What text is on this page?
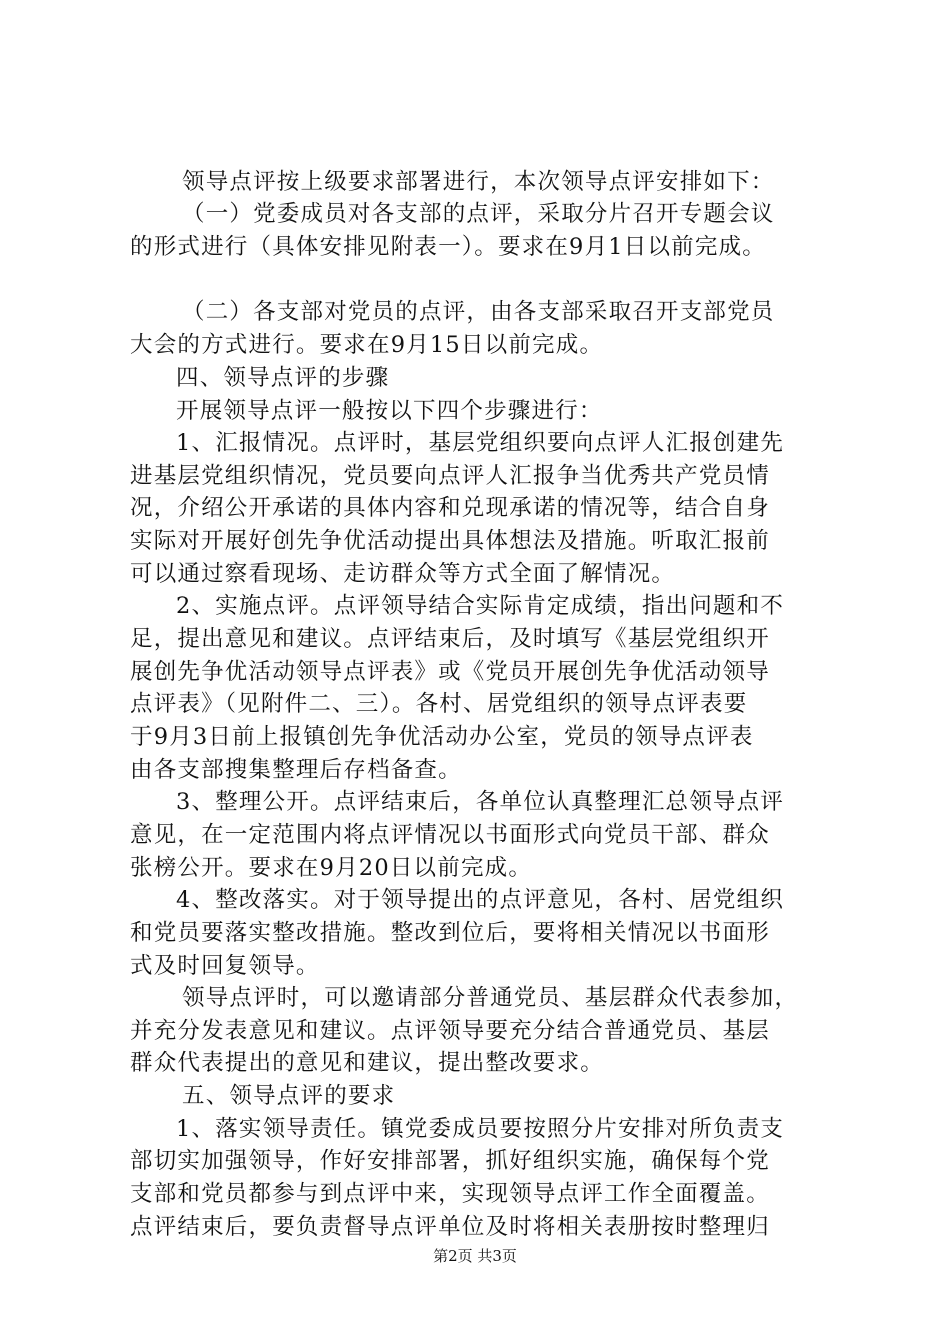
领导点评按上级要求部署进行，本次领导点评安排如下：
（一）党委成员对各支部的点评，采取分片召开专题会议
的形式进行（具体安排见附表一）。要求在9月1日以前完成。
（二）各支部对党员的点评，由各支部采取召开支部党员
大会的方式进行。要求在9月15日以前完成。
四、领导点评的步骤
开展领导点评一般按以下四个步骤进行：
1、汇报情况。点评时，基层党组织要向点评人汇报创建先
进基层党组织情况，党员要向点评人汇报争当优秀共产党员情
况，介绍公开承诺的具体内容和兑现承诺的情况等，结合自身
实际对开展好创先争优活动提出具体想法及措施。听取汇报前
可以通过察看现场、走访群众等方式全面了解情况。
2、实施点评。点评领导结合实际肯定成绩，指出问题和不
足，提出意见和建议。点评结束后，及时填写《基层党组织开
展创先争优活动领导点评表》或《党员开展创先争优活动领导
点评表》（见附件二、三）。各村、居党组织的领导点评表要
于9月3日前上报镇创先争优活动办公室，党员的领导点评表
由各支部搜集整理后存档备查。
3、整理公开。点评结束后，各单位认真整理汇总领导点评
意见，在一定范围内将点评情况以书面形式向党员干部、群众
张榜公开。要求在9月20日以前完成。
4、整改落实。对于领导提出的点评意见，各村、居党组织
和党员要落实整改措施。整改到位后，要将相关情况以书面形
式及时回复领导。
领导点评时，可以邀请部分普通党员、基层群众代表参加，
并充分发表意见和建议。点评领导要充分结合普通党员、基层
群众代表提出的意见和建议，提出整改要求。
五、领导点评的要求
1、落实领导责任。镇党委成员要按照分片安排对所负责支
部切实加强领导，作好安排部署，抓好组织实施，确保每个党
支部和党员都参与到点评中来，实现领导点评工作全面覆盖。
点评结束后，要负责督导点评单位及时将相关表册按时整理归
第2页 共3页
